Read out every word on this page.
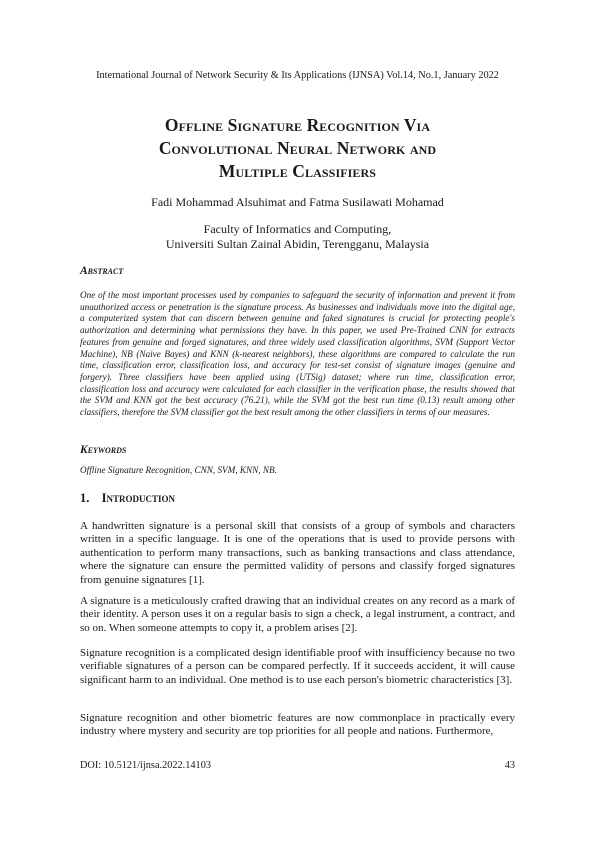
International Journal of Network Security & Its Applications (IJNSA) Vol.14, No.1, January 2022
Offline Signature Recognition Via
Convolutional Neural Network and
Multiple Classifiers
Fadi Mohammad Alsuhimat and Fatma Susilawati Mohamad
Faculty of Informatics and Computing,
Universiti Sultan Zainal Abidin, Terengganu, Malaysia
Abstract
One of the most important processes used by companies to safeguard the security of information and prevent it from unauthorized access or penetration is the signature process. As businesses and individuals move into the digital age, a computerized system that can discern between genuine and faked signatures is crucial for protecting people's authorization and determining what permissions they have. In this paper, we used Pre-Trained CNN for extracts features from genuine and forged signatures, and three widely used classification algorithms, SVM (Support Vector Machine), NB (Naive Bayes) and KNN (k-nearest neighbors), these algorithms are compared to calculate the run time, classification error, classification loss, and accuracy for test-set consist of signature images (genuine and forgery). Three classifiers have been applied using (UTSig) dataset; where run time, classification error, classification loss and accuracy were calculated for each classifier in the verification phase, the results showed that the SVM and KNN got the best accuracy (76.21), while the SVM got the best run time (0.13) result among other classifiers, therefore the SVM classifier got the best result among the other classifiers in terms of our measures.
Keywords
Offline Signature Recognition, CNN, SVM, KNN, NB.
1. Introduction
A handwritten signature is a personal skill that consists of a group of symbols and characters written in a specific language. It is one of the operations that is used to provide persons with authentication to perform many transactions, such as banking transactions and class attendance, where the signature can ensure the permitted validity of persons and classify forged signatures from genuine signatures [1].
A signature is a meticulously crafted drawing that an individual creates on any record as a mark of their identity. A person uses it on a regular basis to sign a check, a legal instrument, a contract, and so on. When someone attempts to copy it, a problem arises [2].
Signature recognition is a complicated design identifiable proof with insufficiency because no two verifiable signatures of a person can be compared perfectly. If it succeeds accident, it will cause significant harm to an individual. One method is to use each person's biometric characteristics [3].
Signature recognition and other biometric features are now commonplace in practically every industry where mystery and security are top priorities for all people and nations. Furthermore,
DOI: 10.5121/ijnsa.2022.14103	43
